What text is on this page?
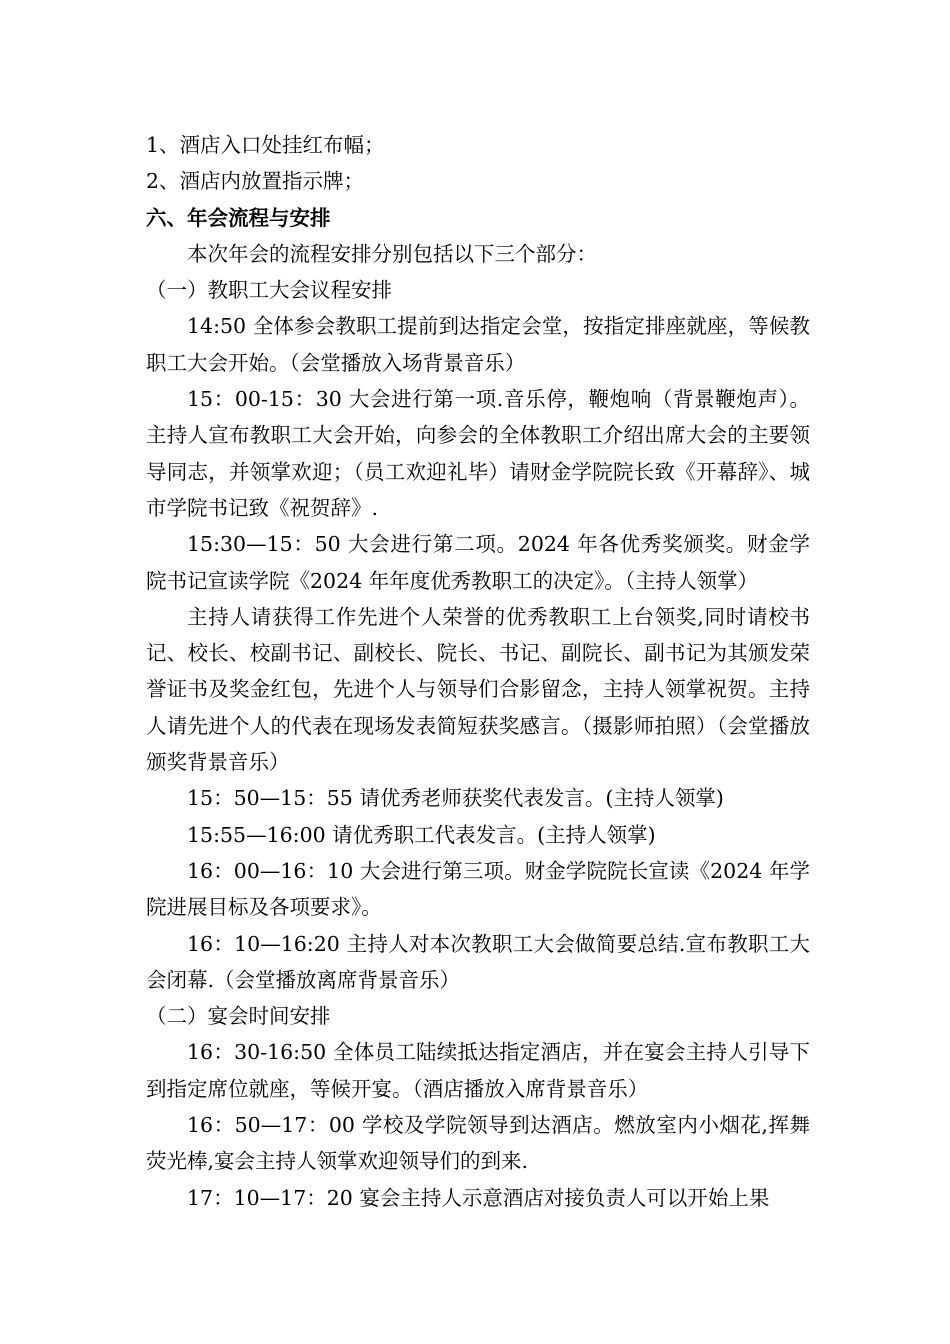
1、酒店入口处挂红布幅；

2、酒店内放置指示牌；

六、年会流程与安排

本次年会的流程安排分别包括以下三个部分：

（一）教职工大会议程安排

14:50 全体参会教职工提前到达指定会堂，按指定排座就座，等候教职工大会开始。（会堂播放入场背景音乐）

15：00-15：30 大会进行第一项.音乐停，鞭炮响（背景鞭炮声）。主持人宣布教职工大会开始，向参会的全体教职工介绍出席大会的主要领导同志，并领掌欢迎；（员工欢迎礼毕）请财金学院院长致《开幕辞》、城市学院书记致《祝贺辞》.

15:30—15：50 大会进行第二项。2024 年各优秀奖颁奖。财金学院书记宣读学院《2024 年年度优秀教职工的决定》。（主持人领掌）

主持人请获得工作先进个人荣誉的优秀教职工上台领奖,同时请校书记、校长、校副书记、副校长、院长、书记、副院长、副书记为其颁发荣誉证书及奖金红包，先进个人与领导们合影留念，主持人领掌祝贺。主持人请先进个人的代表在现场发表简短获奖感言。（摄影师拍照）（会堂播放颁奖背景音乐）

15：50—15：55 请优秀老师获奖代表发言。(主持人领掌)

15:55—16:00 请优秀职工代表发言。(主持人领掌)

16：00—16：10 大会进行第三项。财金学院院长宣读《2024 年学院进展目标及各项要求》。

16：10—16:20 主持人对本次教职工大会做简要总结.宣布教职工大会闭幕.（会堂播放离席背景音乐）

（二）宴会时间安排

16：30-16:50 全体员工陆续抵达指定酒店，并在宴会主持人引导下到指定席位就座，等候开宴。（酒店播放入席背景音乐）

16：50—17：00 学校及学院领导到达酒店。燃放室内小烟花,挥舞荧光棒,宴会主持人领掌欢迎领导们的到来.

17：10—17：20 宴会主持人示意酒店对接负责人可以开始上果
